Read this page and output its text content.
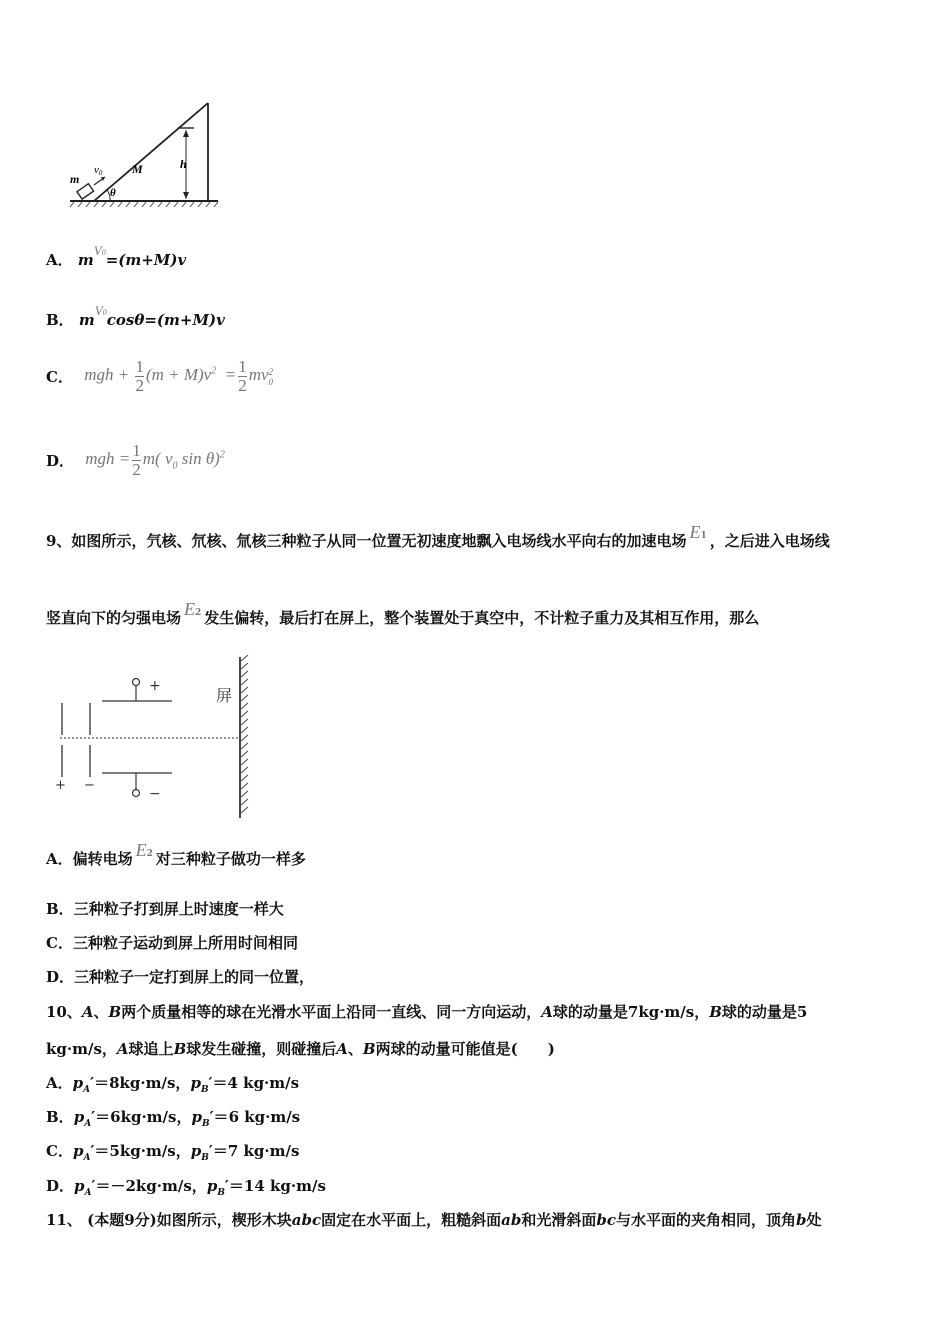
m
v0 M
θ
h
A． mV0=(m+M)v
B． mV0cosθ=(m+M)v
C． mgh + $\frac{1}{2} (m + M)v^2 = \frac{1}{2}$ mv 2
0
D． mgh = $\frac{1}{2} m$( $v_0$ sin θ)$^2$
9、如图所示，氕核、氘核、氚核三种粒子从同一位置无初速度地飘入电场线水平向右的加速电场 E1 ，之后进入电场线
竖直向下的匀强电场 E2 发生偏转，最后打在屏上，整个装置处于真空中，不计粒子重力及其相互作用，那么
+
−
+ −
屏
A．偏转电场 E2 对三种粒子做功一样多
B．三种粒子打到屏上时速度一样大
C．三种粒子运动到屏上所用时间相同
D．三种粒子一定打到屏上的同一位置，
10、A、B两个质量相等的球在光滑水平面上沿同一直线、同一方向运动，A球的动量是7kg·m/s，B球的动量是5
kg·m/s，A球追上B球发生碰撞，则碰撞后A、B两球的动量可能值是(　　)
A．$p_A'=8kg\cdot m/s$，$p_B'=4$ kg·m/s
B．$p_A'=6kg\cdot m/s$，$p_B'=6$ kg·m/s
C．$p_A'=5kg\cdot m/s$，$p_B'=7$ kg·m/s
D．$p_A'=-2kg\cdot m/s$，$p_B'=14$ kg·m/s
11、 (本题9分)如图所示，楔形木块abc固定在水平面上，粗糙斜面ab和光滑斜面bc与水平面的夹角相同，顶角b处
